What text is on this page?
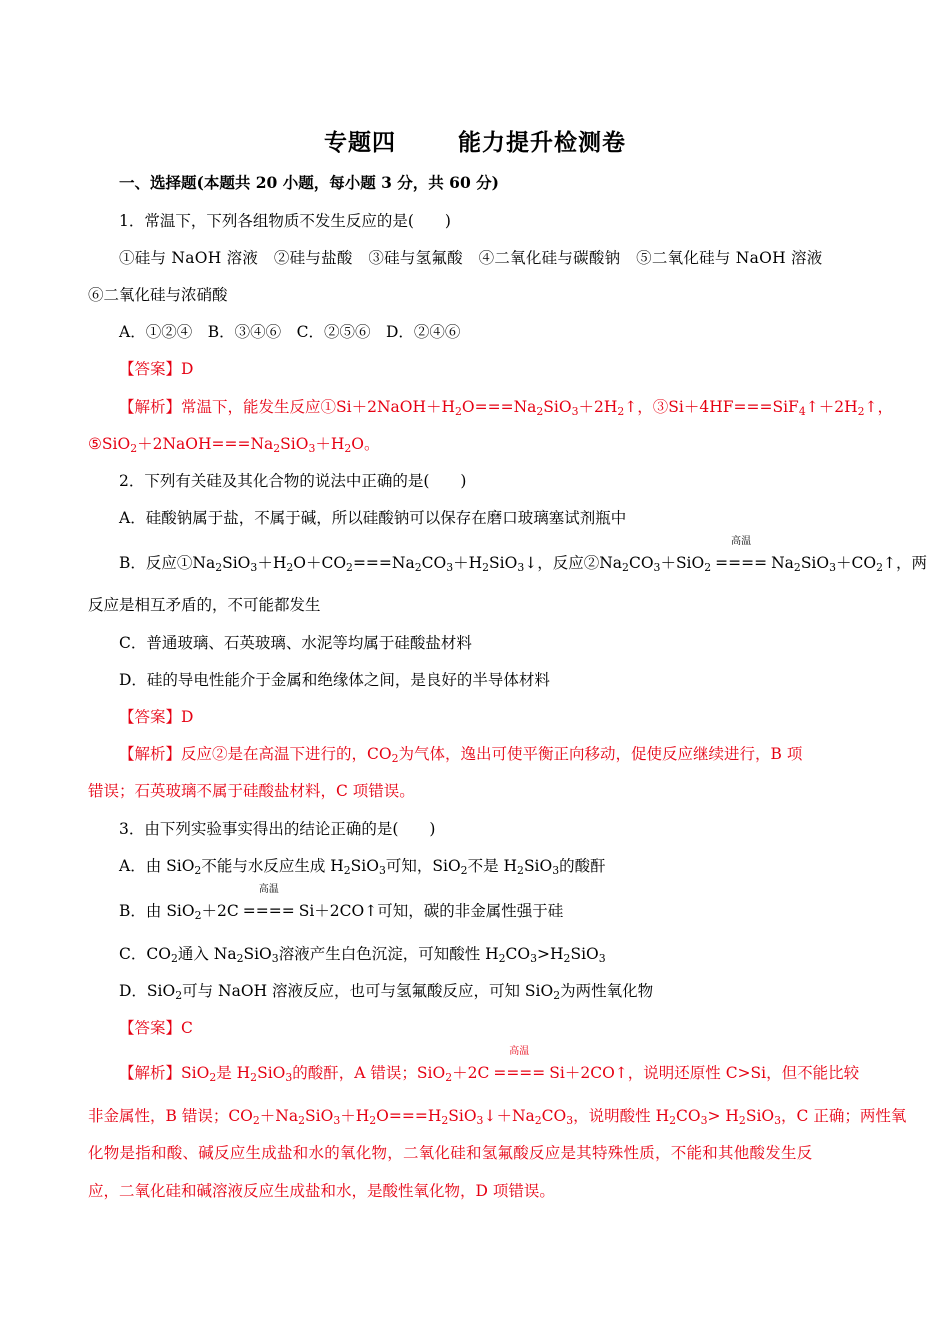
专题四	能力提升检测卷
一、选择题(本题共 20 小题，每小题 3 分，共 60 分)
1．常温下，下列各组物质不发生反应的是(　　)
①硅与 NaOH 溶液　②硅与盐酸　③硅与氢氟酸　④二氧化硅与碳酸钠　⑤二氧化硅与 NaOH 溶液
⑥二氧化硅与浓硝酸
A．①②④　B．③④⑥　C．②⑤⑥　D．②④⑥
【答案】D
【解析】常温下，能发生反应$①Si+2NaOH+H_2O===Na_2SiO_3+2H_2↑$，$③Si+4HF===SiF_4↑+2H_2↑$，
$⑤SiO_2+2NaOH===Na_2SiO_3+H_2O$。
2．下列有关硅及其化合物的说法中正确的是(　　)
A．硅酸钠属于盐，不属于碱，所以硅酸钠可以保存在磨口玻璃塞试剂瓶中
B．反应$①Na_2SiO_3+H_2O+CO_2===Na_2CO_3+H_2SiO_3↓$，反应$②Na_2CO_3+SiO_2$
高温
==== $Na_2SiO_3+CO_2↑$，两
反应是相互矛盾的，不可能都发生
C．普通玻璃、石英玻璃、水泥等均属于硅酸盐材料
D．硅的导电性能介于金属和绝缘体之间，是良好的半导体材料
【答案】D
【解析】反应②是在高温下进行的，$CO_2$为气体，逸出可使平衡正向移动，促使反应继续进行，B 项
错误；石英玻璃不属于硅酸盐材料，C 项错误。
3．由下列实验事实得出的结论正确的是(　　)
A．由 SiO$_2$不能与水反应生成 $H_2SiO_3$可知，SiO$_2$不是 $H_2SiO_3$的酸酐
B．由 SiO$_2$＋2C
高温
==== Si＋2CO↑可知，碳的非金属性强于硅
C．$CO_2$通入 $Na_2SiO_3$溶液产生白色沉淀，可知酸性 $H_2CO_3>H_2SiO_3$
D．SiO$_2$可与 NaOH 溶液反应，也可与氢氟酸反应，可知 SiO$_2$为两性氧化物
【答案】C
【解析】SiO$_2$是 $H_2SiO_3$的酸酐，A 错误；SiO$_2$＋2C
高温
==== Si＋2CO↑，说明还原性 C>Si，但不能比较
非金属性，B 错误；$CO_2+Na_2SiO_3+H_2O===H_2SiO_3↓+Na_2CO_3$，说明酸性 $H_2CO_3> H_2SiO_3$，C 正确；两性氧
化物是指和酸、碱反应生成盐和水的氧化物，二氧化硅和氢氟酸反应是其特殊性质，不能和其他酸发生反
应，二氧化硅和碱溶液反应生成盐和水，是酸性氧化物，D 项错误。
